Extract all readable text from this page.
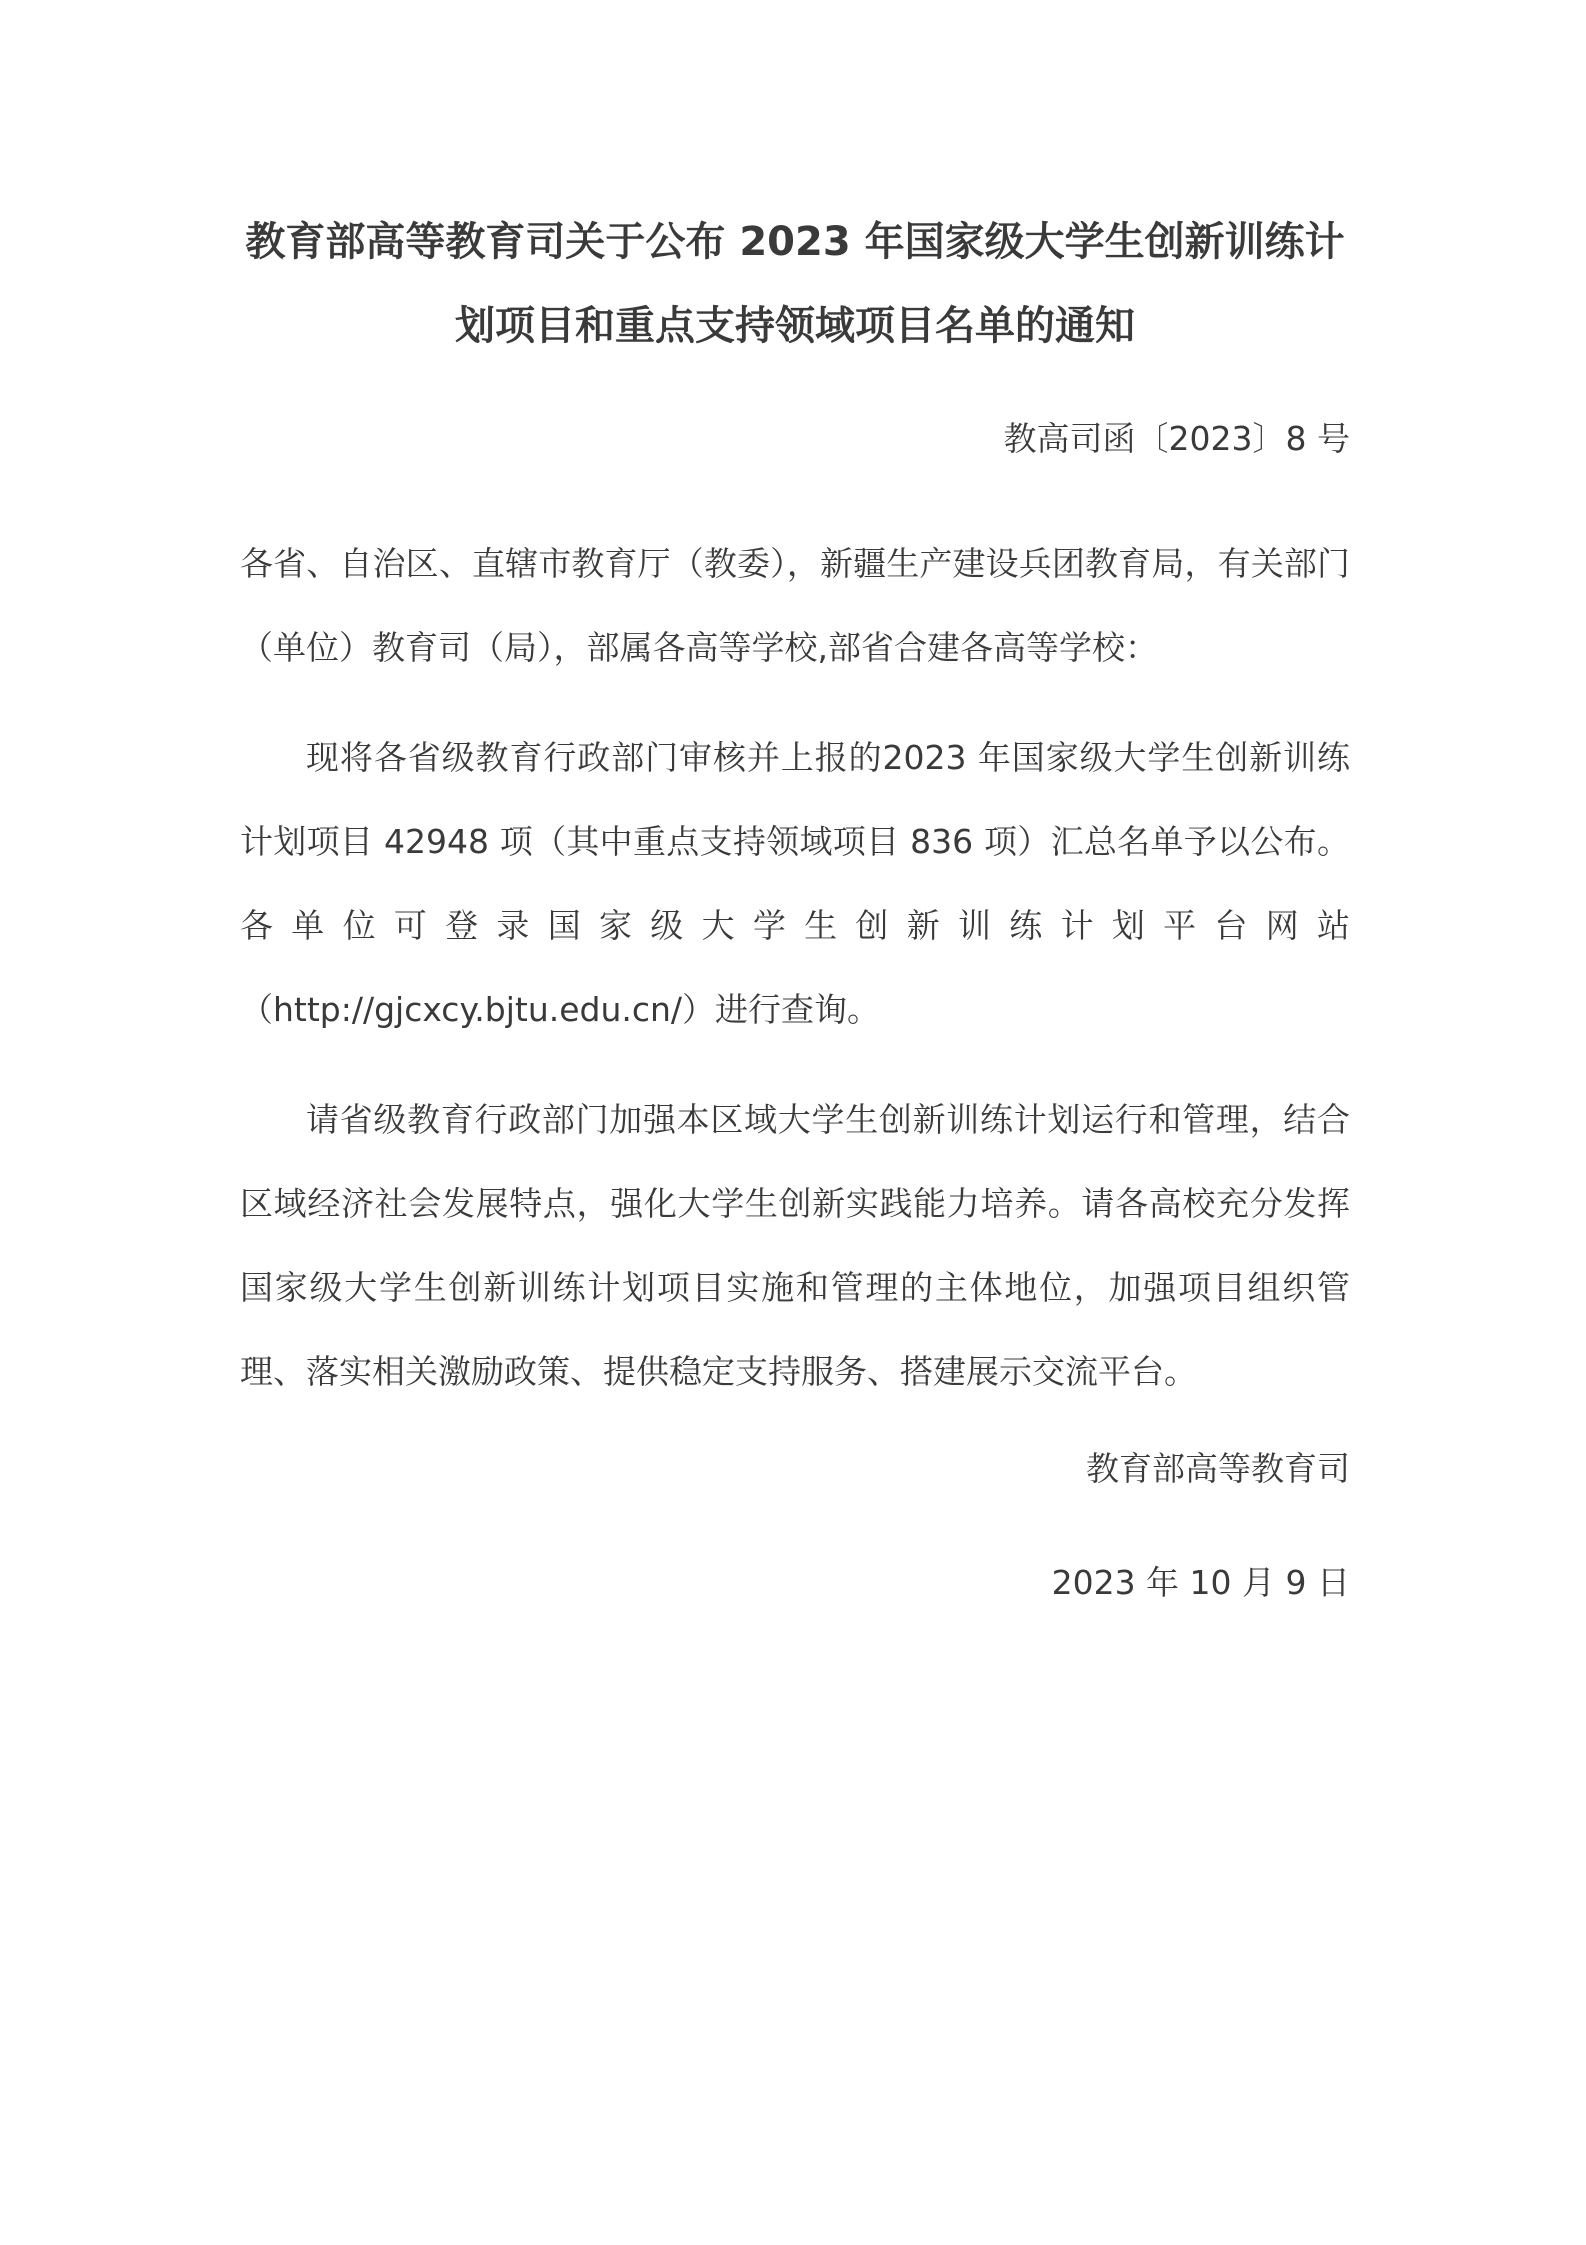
教育部高等教育司关于公布 2023 年国家级大学生创新训练计
划项目和重点支持领域项目名单的通知
教高司函〔2023〕8 号
各省、自治区、直辖市教育厅（教委），新疆生产建设兵团教育局，有关部门（单位）教育司（局），部属各高等学校,部省合建各高等学校：
现将各省级教育行政部门审核并上报的2023 年国家级大学生创新训练计划项目 42948 项（其中重点支持领域项目 836 项）汇总名单予以公布。各单位可登录国家级大学生创新训练计划平台网站（http://gjcxcy.bjtu.edu.cn/）进行查询。
请省级教育行政部门加强本区域大学生创新训练计划运行和管理，结合区域经济社会发展特点，强化大学生创新实践能力培养。请各高校充分发挥国家级大学生创新训练计划项目实施和管理的主体地位，加强项目组织管理、落实相关激励政策、提供稳定支持服务、搭建展示交流平台。
教育部高等教育司
2023 年 10 月 9 日
